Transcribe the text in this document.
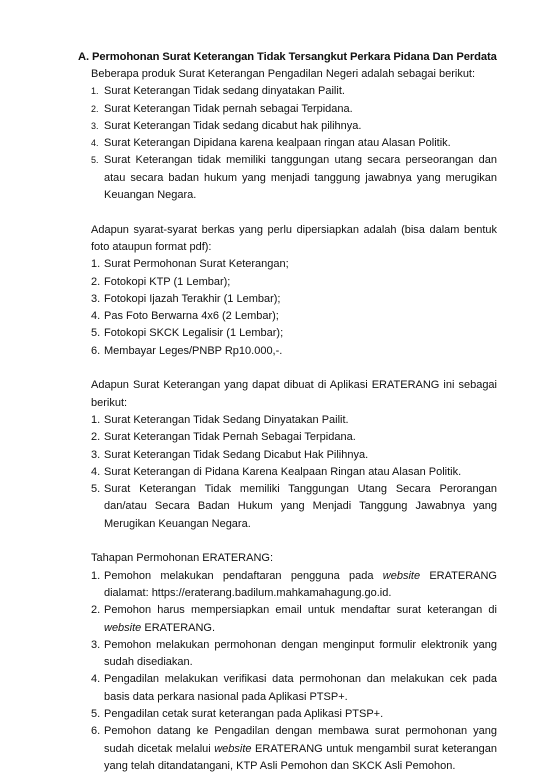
A. Permohonan Surat Keterangan Tidak Tersangkut Perkara Pidana Dan Perdata

Beberapa produk Surat Keterangan Pengadilan Negeri adalah sebagai berikut:

1. Surat Keterangan Tidak sedang dinyatakan Pailit.
2. Surat Keterangan Tidak pernah sebagai Terpidana.
3. Surat Keterangan Tidak sedang dicabut hak pilihnya.
4. Surat Keterangan Dipidana karena kealpaan ringan atau Alasan Politik.
5. Surat Keterangan tidak memiliki tanggungan utang secara perseorangan dan atau secara badan hukum yang menjadi tanggung jawabnya yang merugikan Keuangan Negara.

Adapun syarat-syarat berkas yang perlu dipersiapkan adalah (bisa dalam bentuk foto ataupun format pdf):

1. Surat Permohonan Surat Keterangan;
2. Fotokopi KTP (1 Lembar);
3. Fotokopi Ijazah Terakhir (1 Lembar);
4. Pas Foto Berwarna 4x6 (2 Lembar);
5. Fotokopi SKCK Legalisir (1 Lembar);
6. Membayar Leges/PNBP Rp10.000,-.

Adapun Surat Keterangan yang dapat dibuat di Aplikasi ERATERANG ini sebagai berikut:

1. Surat Keterangan Tidak Sedang Dinyatakan Pailit.
2. Surat Keterangan Tidak Pernah Sebagai Terpidana.
3. Surat Keterangan Tidak Sedang Dicabut Hak Pilihnya.
4. Surat Keterangan di Pidana Karena Kealpaan Ringan atau Alasan Politik.
5. Surat Keterangan Tidak memiliki Tanggungan Utang Secara Perorangan dan/atau Secara Badan Hukum yang Menjadi Tanggung Jawabnya yang Merugikan Keuangan Negara.

Tahapan Permohonan ERATERANG:

1. Pemohon melakukan pendaftaran pengguna pada website ERATERANG dialamat: https://eraterang.badilum.mahkamahagung.go.id.
2. Pemohon harus mempersiapkan email untuk mendaftar surat keterangan di website ERATERANG.
3. Pemohon melakukan permohonan dengan menginput formulir elektronik yang sudah disediakan.
4. Pengadilan melakukan verifikasi data permohonan dan melakukan cek pada basis data perkara nasional pada Aplikasi PTSP+.
5. Pengadilan cetak surat keterangan pada Aplikasi PTSP+.
6. Pemohon datang ke Pengadilan dengan membawa surat permohonan yang sudah dicetak melalui website ERATERANG untuk mengambil surat keterangan yang telah ditandatangani, KTP Asli Pemohon dan SKCK Asli Pemohon.
